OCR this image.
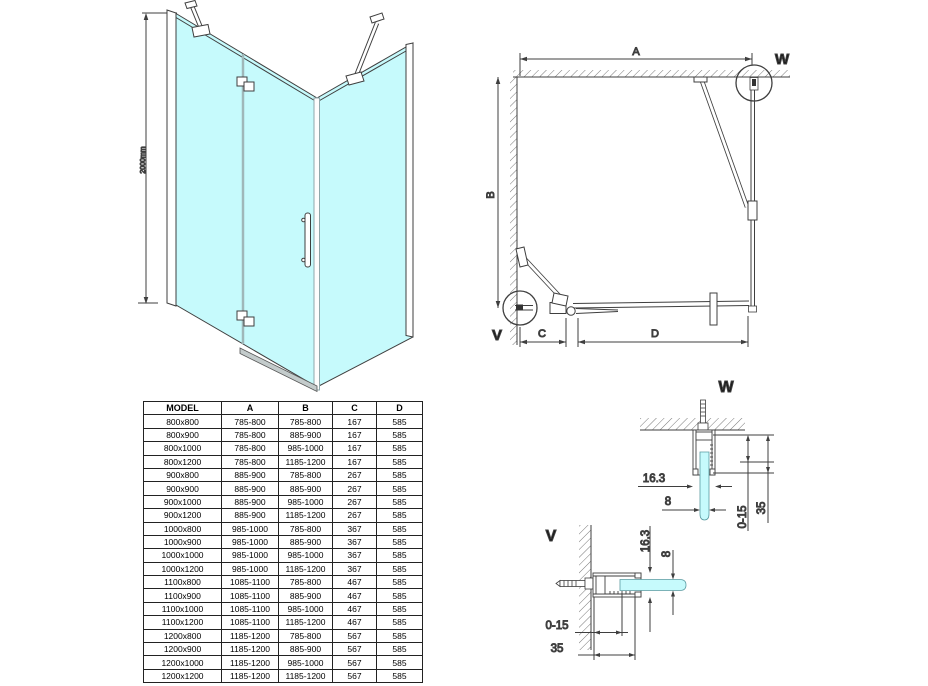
2000mm
A
B
W
V	C	D
MODEL	A	B	C	D
800x800	785-800	785-800	167	585
800x900	785-800	885-900	167	585
800x1000	785-800	985-1000	167	585
800x1200	785-800	1185-1200	167	585
900x800	885-900	785-800	267	585
900x900	885-900	885-900	267	585
900x1000	885-900	985-1000	267	585
900x1200	885-900	1185-1200	267	585
1000x800	985-1000	785-800	367	585
1000x900	985-1000	885-900	367	585
1000x1000	985-1000	985-1000	367	585
1000x1200	985-1000	1185-1200	367	585
1100x800	1085-1100	785-800	467	585
1100x900	1085-1100	885-900	467	585
1100x1000	1085-1100	985-1000	467	585
1100x1200	1085-1100	1185-1200	467	585
1200x800	1185-1200	785-800	567	585
1200x900	1185-1200	885-900	567	585
1200x1000	1185-1200	985-1000	567	585
1200x1200	1185-1200	1185-1200	567	585
W
16.3
8
0-15 35
V	16.3
8
0-15
35
